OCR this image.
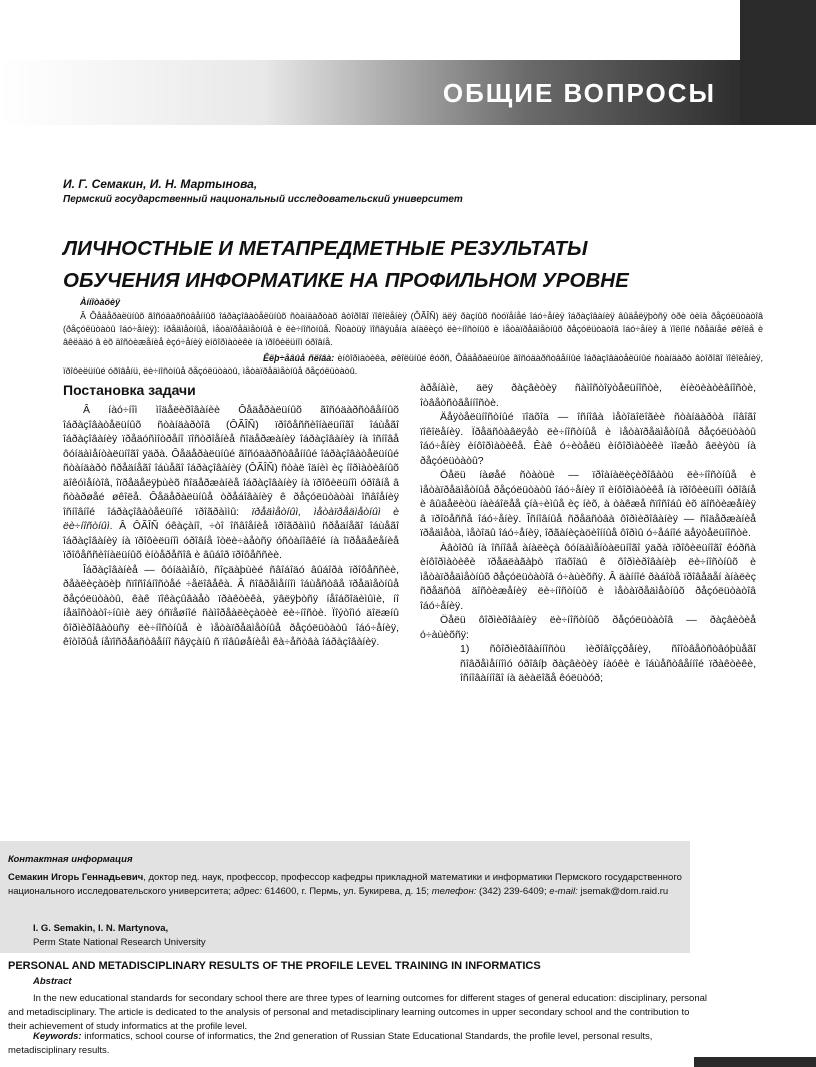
ОБЩИЕ ВОПРОСЫ
И. Г. Семакин, И. Н. Мартынова,
Пермский государственный национальный исследовательский университет
ЛИЧНОСТНЫЕ И МЕТАПРЕДМЕТНЫЕ РЕЗУЛЬТАТЫ
ОБУЧЕНИЯ ИНФОРМАТИКЕ НА ПРОФИЛЬНОМ УРОВНЕ
Àííîòàöèÿ
Â Ôåäåðàëüíûõ ãîñóäàðñòâåííûõ îáðàçîâàòåëüíûõ ñòàíäàðòàõ âòîðîãî ïîêîëåíèÿ (ÔÃÎÑ) äëÿ ðàçíûõ ñòóïåíåé îáó÷åíèÿ îáðàçîâàíèÿ âûäåëÿþòñÿ òðè òèïà ðåçóëüòàòîâ (ðåçóëüòàòû îáó÷åíèÿ): ïðåäìåòíûå, ìåòàïðåäìåòíûå è ëè÷íîñòíûå. Ñòàòüÿ ïîñâÿùåíà àíàëèçó ëè÷íîñòíûõ è ìåòàïðåäìåòíûõ ðåçóëüòàòîâ îáó÷åíèÿ â ïîëíîé ñðåäíåé øêîëå è âêëàäó â èõ äîñòèæåíèå èçó÷åíèÿ èíôîðìàòèêè íà ïðîôèëüíîì óðîâíå.
Êëþ÷åâûå ñëîâà: èíôîðìàòèêà, øêîëüíûé êóðñ, Ôåäåðàëüíûé ãîñóäàðñòâåííûé îáðàçîâàòåëüíûé ñòàíäàðò âòîðîãî ïîêîëåíèÿ, ïðîôèëüíûé óðîâåíü, ëè÷íîñòíûå ðåçóëüòàòû, ìåòàïðåäìåòíûå ðåçóëüòàòû.
Постановка задачи

Â íàó÷íîì ìîäåëèðîâàíèè Ôåäåðàëüíûõ ãîñóäàðñòâåííûõ îáðàçîâàòåëüíûõ ñòàíäàðòîâ (ÔÃÎÑ) ïðîôåññèîíàëüíîãî îáùåãî îáðàçîâàíèÿ ïðåäóñìîòðåíî ïîñòðîåíèå ñîäåðæàíèÿ îáðàçîâàíèÿ íà îñíîâå ôóíäàìåíòàëüíîãî ÿäðà. Ôåäåðàëüíûé ãîñóäàðñòâåííûé îáðàçîâàòåëüíûé ñòàíäàðò ñðåäíåãî îáùåãî îáðàçîâàíèÿ (ÔÃÎÑ) ñòàë îäíèì èç íîðìàòèâíûõ äîêóìåíòîâ, îïðåäåëÿþùèõ ñîäåðæàíèå îáðàçîâàíèÿ íà ïðîôèëüíîì óðîâíå â ñòàðøåé øêîëå. Ôåäåðàëüíûå òðåáîâàíèÿ ê ðåçóëüòàòàì îñâîåíèÿ îñíîâíîé îáðàçîâàòåëüíîé ïðîãðàììû: ïðåäìåòíûì, ìåòàïðåäìåòíûì è ëè÷íîñòíûì. Â ÔÃÎÑ óêàçàíî, ÷òî îñâîåíèå ïðîãðàììû ñðåäíåãî îáùåãî îáðàçîâàíèÿ íà ïðîôèëüíîì óðîâíå îòëè÷àåòñÿ óñòàíîâêîé íà îïðåäåëåíèå ïðîôåññèîíàëüíûõ èíòåðåñîâ è âûáîð ïðîôåññèè.

Îáðàçîâàíèå — ôóíäàìåíò, ñîçäàþùèé ñâîáîäó âûáîðà ïðîôåññèè, ðåàëèçàöèþ ñïîñîáíîñòåé ÷åëîâåêà. Â ñîâðåìåííîì îáùåñòâå ïðåäìåòíûå ðåçóëüòàòû, êàê ïîêàçûâàåò ïðàêòèêà, ÿâëÿþòñÿ íåîáõîäèìûìè, íî íåäîñòàòî÷íûìè äëÿ óñïåøíîé ñàìîðåàëèçàöèè ëè÷íîñòè. Ïîýòîìó äîëæíû ôîðìèðîâàòüñÿ ëè÷íîñòíûå è ìåòàïðåäìåòíûå ðåçóëüòàòû îáó÷åíèÿ, êîòîðûå íåïîñðåäñòâåííî ñâÿçàíû ñ ïîâûøåíèåì êà÷åñòâà îáðàçîâàíèÿ.

àðåíàìè, äëÿ ðàçâèòèÿ ñàìîñòîÿòåëüíîñòè, èíèöèàòèâíîñòè, îòâåòñòâåííîñòè.

Äåÿòåëüíîñòíûé ïîäõîä — îñíîâà ìåòîäîëîãèè ñòàíäàðòà íîâîãî ïîêîëåíèÿ. Ïðåäñòàâëÿåò ëè÷íîñòíûå è ìåòàïðåäìåòíûå ðåçóëüòàòû îáó÷åíèÿ èíôîðìàòèêå. Êàê ó÷èòåëü èíôîðìàòèêè ìîæåò âëèÿòü íà ðåçóëüòàòû?

Öåëü íàøåé ñòàòüè — ïðîàíàëèçèðîâàòü ëè÷íîñòíûå è ìåòàïðåäìåòíûå ðåçóëüòàòû îáó÷åíèÿ ïî èíôîðìàòèêå íà ïðîôèëüíîì óðîâíå è âûäåëèòü íàèáîëåå çíà÷èìûå èç íèõ, à òàêæå ñïîñîáû èõ äîñòèæåíèÿ â ïðîöåññå îáó÷åíèÿ. Îñíîâíûå ñðåäñòâà ôîðìèðîâàíèÿ — ñîäåðæàíèå ïðåäìåòà, ìåòîäû îáó÷åíèÿ, îðãàíèçàöèîííûå ôîðìû ó÷åáíîé äåÿòåëüíîñòè.

Àâòîðû íà îñíîâå àíàëèçà ôóíäàìåíòàëüíîãî ÿäðà ïðîôèëüíîãî êóðñà èíôîðìàòèêè ïðåäëàãàþò ïîäõîäû ê ôîðìèðîâàíèþ ëè÷íîñòíûõ è ìåòàïðåäìåòíûõ ðåçóëüòàòîâ ó÷àùèõñÿ. Â äàííîé ðàáîòå ïðîâåäåí àíàëèç ñðåäñòâ äîñòèæåíèÿ ëè÷íîñòíûõ è ìåòàïðåäìåòíûõ ðåçóëüòàòîâ îáó÷åíèÿ.

Öåëü ôîðìèðîâàíèÿ ëè÷íîñòíûõ ðåçóëüòàòîâ — ðàçâèòèå ó÷àùèõñÿ:

1) ñôîðìèðîâàííîñòü ìèðîâîççðåíèÿ, ñîîòâåòñòâóþùåãî ñîâðåìåííîìó óðîâíþ ðàçâèòèÿ íàóêè è îáùåñòâåííîé ïðàêòèêè, îñíîâàííîãî íà äèàëîãå êóëüòóð;

Контактная информация
Семакин Игорь Геннадьевич, доктор пед. наук, профессор, профессор кафедры прикладной математики и информатики Пермского государственного национального исследовательского университета; адрес: 614600, г. Пермь, ул. Букирева, д. 15; телефон: (342) 239-6409; e-mail: jsemak@dom.raid.ru
I. G. Semakin, I. N. Martynova,
Perm State National Research University
PERSONAL AND METADISCIPLINARY RESULTS OF THE PROFILE LEVEL TRAINING IN INFORMATICS
Abstract
In the new educational standards for secondary school there are three types of learning outcomes for different stages of general education: disciplinary, personal and metadisciplinary. The article is dedicated to the analysis of personal and metadisciplinary learning outcomes in upper secondary school and the contribution to their achievement of study informatics at the profile level.
Keywords: informatics, school course of informatics, the 2nd generation of Russian State Educational Standards, the profile level, personal results, metadisciplinary results.
